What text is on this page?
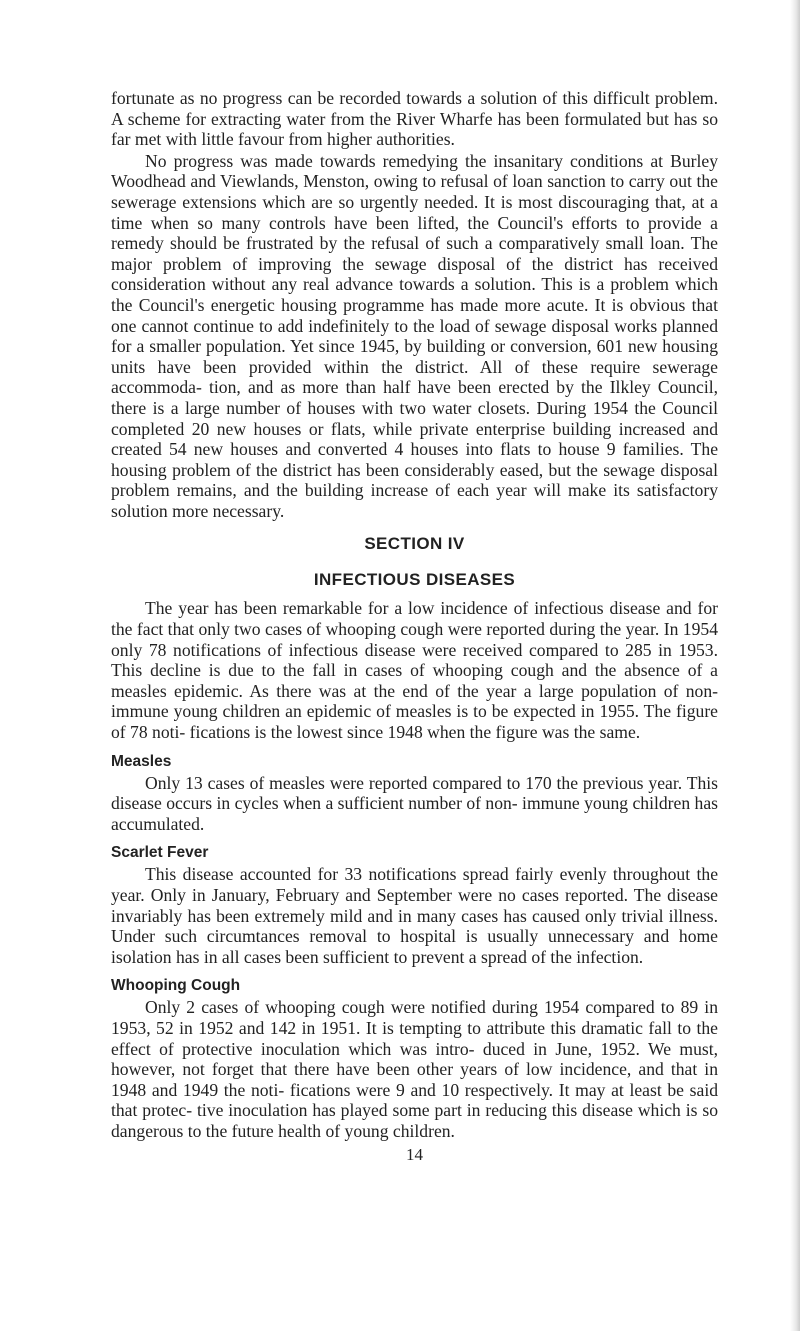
fortunate as no progress can be recorded towards a solution of this difficult problem. A scheme for extracting water from the River Wharfe has been formulated but has so far met with little favour from higher authorities.

No progress was made towards remedying the insanitary conditions at Burley Woodhead and Viewlands, Menston, owing to refusal of loan sanction to carry out the sewerage extensions which are so urgently needed. It is most discouraging that, at a time when so many controls have been lifted, the Council's efforts to provide a remedy should be frustrated by the refusal of such a comparatively small loan. The major problem of improving the sewage disposal of the district has received consideration without any real advance towards a solution. This is a problem which the Council's energetic housing programme has made more acute. It is obvious that one cannot continue to add indefinitely to the load of sewage disposal works planned for a smaller population. Yet since 1945, by building or conversion, 601 new housing units have been provided within the district. All of these require sewerage accommoda- tion, and as more than half have been erected by the Ilkley Council, there is a large number of houses with two water closets. During 1954 the Council completed 20 new houses or flats, while private enterprise building increased and created 54 new houses and converted 4 houses into flats to house 9 families. The housing problem of the district has been considerably eased, but the sewage disposal problem remains, and the building increase of each year will make its satisfactory solution more necessary.

SECTION IV
INFECTIOUS DISEASES

The year has been remarkable for a low incidence of infectious disease and for the fact that only two cases of whooping cough were reported during the year. In 1954 only 78 notifications of infectious disease were received compared to 285 in 1953. This decline is due to the fall in cases of whooping cough and the absence of a measles epidemic. As there was at the end of the year a large population of non-immune young children an epidemic of measles is to be expected in 1955. The figure of 78 noti- fications is the lowest since 1948 when the figure was the same.

Measles

Only 13 cases of measles were reported compared to 170 the previous year. This disease occurs in cycles when a sufficient number of non- immune young children has accumulated.

Scarlet Fever

This disease accounted for 33 notifications spread fairly evenly throughout the year. Only in January, February and September were no cases reported. The disease invariably has been extremely mild and in many cases has caused only trivial illness. Under such circumtances removal to hospital is usually unnecessary and home isolation has in all cases been sufficient to prevent a spread of the infection.

Whooping Cough

Only 2 cases of whooping cough were notified during 1954 compared to 89 in 1953, 52 in 1952 and 142 in 1951. It is tempting to attribute this dramatic fall to the effect of protective inoculation which was intro- duced in June, 1952. We must, however, not forget that there have been other years of low incidence, and that in 1948 and 1949 the noti- fications were 9 and 10 respectively. It may at least be said that protec- tive inoculation has played some part in reducing this disease which is so dangerous to the future health of young children.

14
